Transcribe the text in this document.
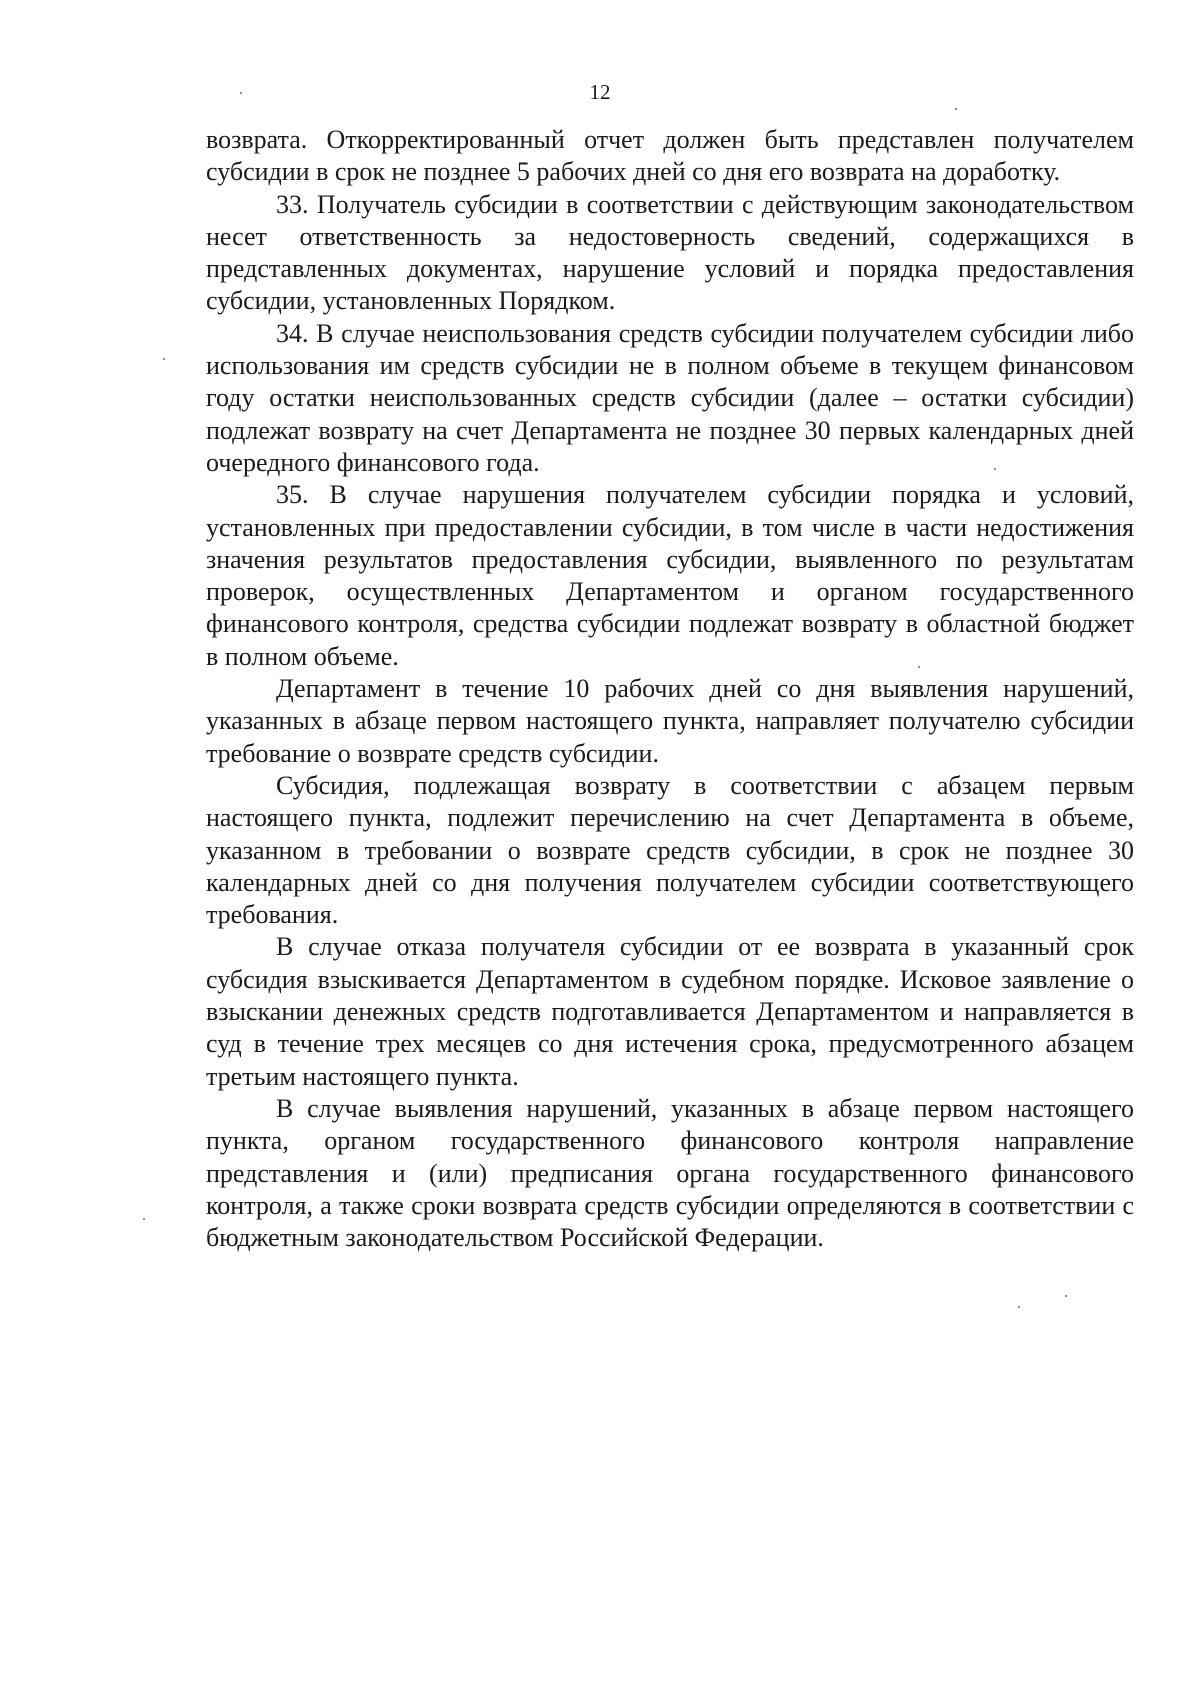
12

возврата. Откорректированный отчет должен быть представлен получателем субсидии в срок не позднее 5 рабочих дней со дня его возврата на доработку.

33. Получатель субсидии в соответствии с действующим законодательством несет ответственность за недостоверность сведений, содержащихся в представленных документах, нарушение условий и порядка предоставления субсидии, установленных Порядком.

34. В случае неиспользования средств субсидии получателем субсидии либо использования им средств субсидии не в полном объеме в текущем финансовом году остатки неиспользованных средств субсидии (далее – остатки субсидии) подлежат возврату на счет Департамента не позднее 30 первых календарных дней очередного финансового года.

35. В случае нарушения получателем субсидии порядка и условий, установленных при предоставлении субсидии, в том числе в части недостижения значения результатов предоставления субсидии, выявленного по результатам проверок, осуществленных Департаментом и органом государственного финансового контроля, средства субсидии подлежат возврату в областной бюджет в полном объеме.

Департамент в течение 10 рабочих дней со дня выявления нарушений, указанных в абзаце первом настоящего пункта, направляет получателю субсидии требование о возврате средств субсидии.

Субсидия, подлежащая возврату в соответствии с абзацем первым настоящего пункта, подлежит перечислению на счет Департамента в объеме, указанном в требовании о возврате средств субсидии, в срок не позднее 30 календарных дней со дня получения получателем субсидии соответствующего требования.

В случае отказа получателя субсидии от ее возврата в указанный срок субсидия взыскивается Департаментом в судебном порядке. Исковое заявление о взыскании денежных средств подготавливается Департаментом и направляется в суд в течение трех месяцев со дня истечения срока, предусмотренного абзацем третьим настоящего пункта.

В случае выявления нарушений, указанных в абзаце первом настоящего пункта, органом государственного финансового контроля направление представления и (или) предписания органа государственного финансового контроля, а также сроки возврата средств субсидии определяются в соответствии с бюджетным законодательством Российской Федерации.
